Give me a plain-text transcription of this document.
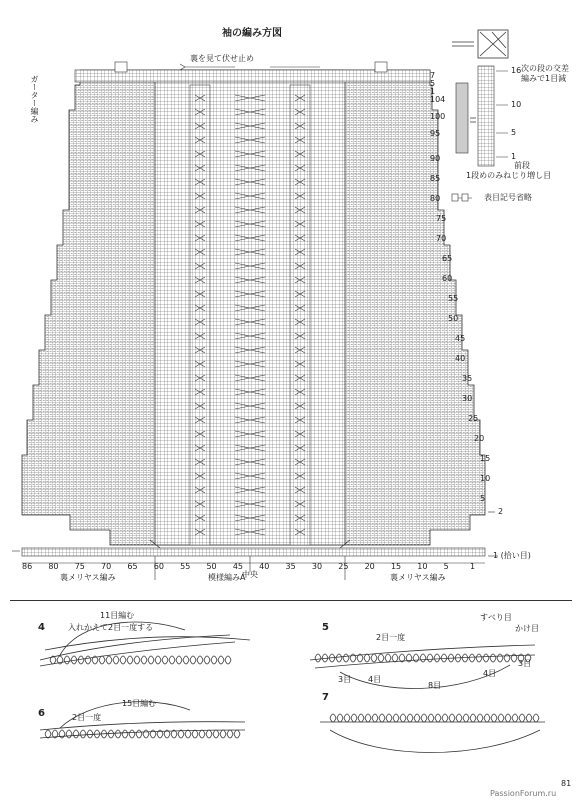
袖の編み方図
裏を見て伏せ止め
ガーター編み	7
5
1
104
100
95
90
85
80
75
70
65
60
55
50
45
40
35
30
25
20
15
10
5
16 次の段の交差 編みで1目減
10
5
1
前段
1段めのみねじり増し目
表目記号省略
1 (拾い目)
2
86 80 75 70 65 60 55 50 45 40 35 30 25 20 15 10 5	1
中央
裏メリヤス編み	模様編みA	裏メリヤス編み
4
11目編む
入れかえて2目一度する	5
すべり目
かけ目
2目一度
3目 4目
8目
4目
3目
6
15目編む
2目一度
7
81
PassionForum.ru
